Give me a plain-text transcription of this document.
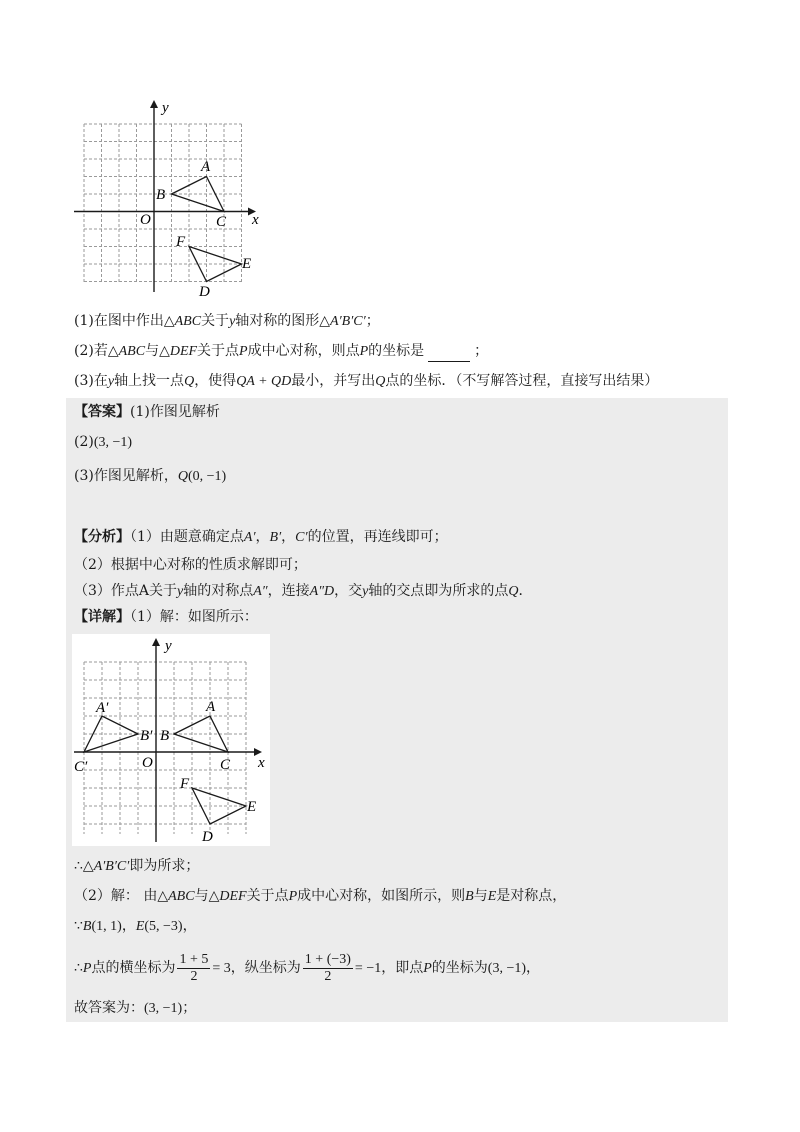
y
x
O
A
B
C
D
E
F
(1)在图中作出△ABC关于y轴对称的图形△A′B′C′；
(2)若△ABC与△DEF关于点P成中心对称，则点P的坐标是	；
(3)在y轴上找一点Q，使得QA + QD最小，并写出Q点的坐标．（不写解答过程，直接写出结果）
【答案】(1)作图见解析
(2)(3, −1)
(3)作图见解析，Q(0, −1)
【分析】（1）由题意确定点A′，B′，C′的位置，再连线即可；
（2）根据中心对称的性质求解即可；
（3）作点A关于y轴的对称点A″，连接A″D，交y轴的交点即为所求的点Q．
【详解】（1）解：如图所示：
y
x
O
A
B
C
A′
B′
C′
D
E
F
∴△A′B′C′即为所求；
（2）解： 由△ABC与△DEF关于点P成中心对称，如图所示，则B与E是对称点，
∵B(1, 1)，E(5, −3)，
∴P点的横坐标为 $\frac{1 + 5}{2} = 3$，纵坐标为 $\frac{1 + (-3)}{2} = -1$，即点P的坐标为(3, −1)，
故答案为：(3, −1)；
